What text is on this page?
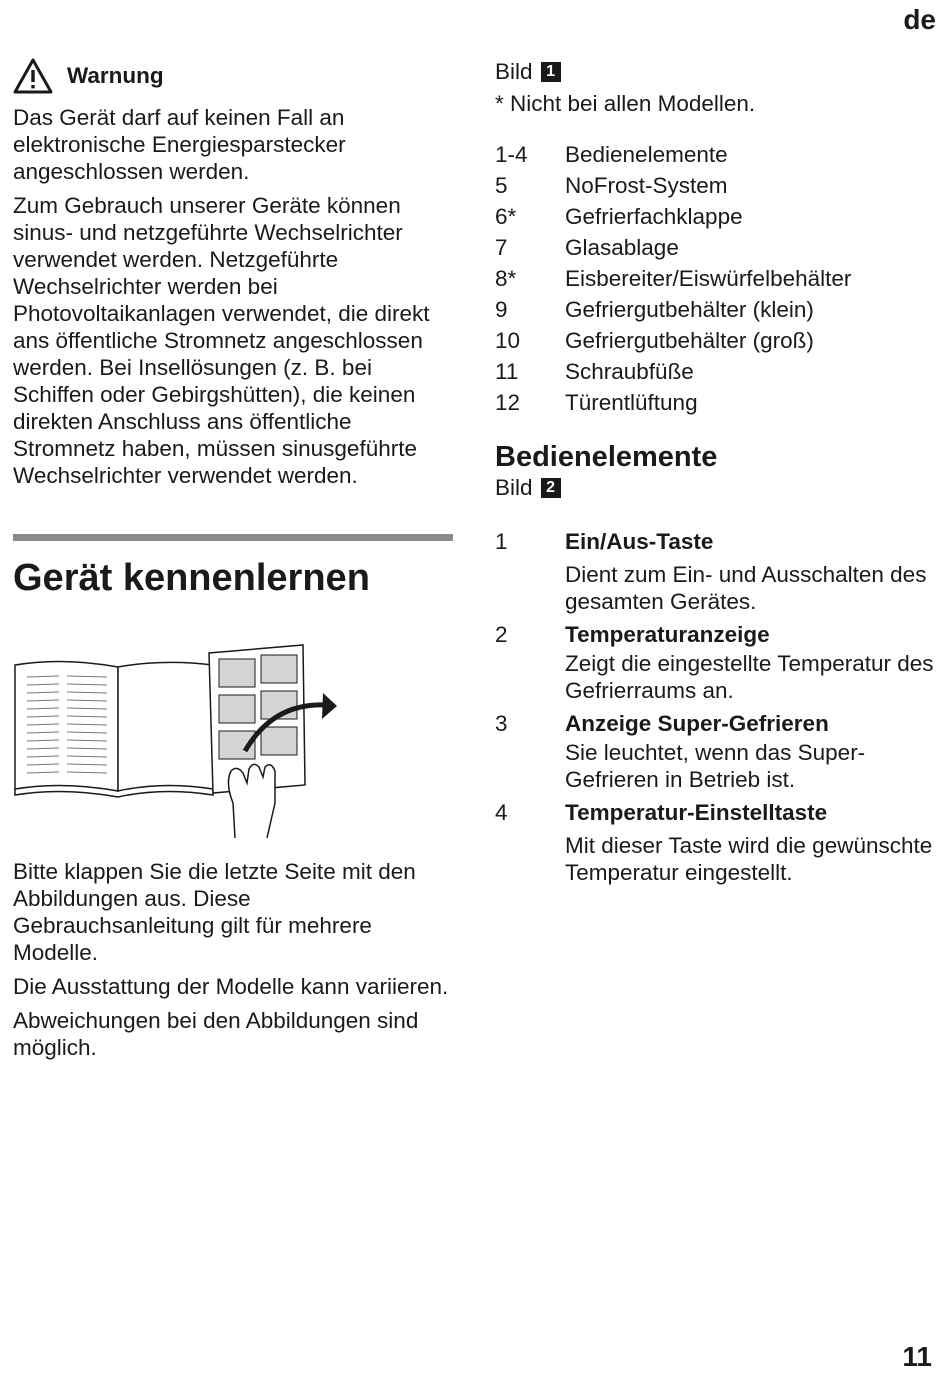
de
Warnung

Das Gerät darf auf keinen Fall an elektronische Energiesparstecker angeschlossen werden.

Zum Gebrauch unserer Geräte können sinus- und netzgeführte Wechselrichter verwendet werden. Netzgeführte Wechselrichter werden bei Photovoltaikanlagen verwendet, die direkt ans öffentliche Stromnetz angeschlossen werden. Bei Insellösungen (z. B. bei Schiffen oder Gebirgshütten), die keinen direkten Anschluss ans öffentliche Stromnetz haben, müssen sinusgeführte Wechselrichter verwendet werden.

Gerät kennenlernen

Bitte klappen Sie die letzte Seite mit den Abbildungen aus. Diese Gebrauchsanleitung gilt für mehrere Modelle.

Die Ausstattung der Modelle kann variieren.

Abweichungen bei den Abbildungen sind möglich.

Bild 1

* Nicht bei allen Modellen.

1-4	Bedienelemente
5	NoFrost-System
6*	Gefrierfachklappe
7	Glasablage
8*	Eisbereiter/Eiswürfelbehälter
9	Gefriergutbehälter (klein)
10	Gefriergutbehälter (groß)
11	Schraubfüße
12	Türentlüftung
Bedienelemente
Bild 2
1	Ein/Aus-Taste

Dient zum Ein- und Ausschalten des gesamten Gerätes.

2	Temperaturanzeige

Zeigt die eingestellte Temperatur des Gefrierraums an.

3	Anzeige Super-Gefrieren

Sie leuchtet, wenn das Super-Gefrieren in Betrieb ist.

4	Temperatur-Einstelltaste

Mit dieser Taste wird die gewünschte Temperatur eingestellt.

11
